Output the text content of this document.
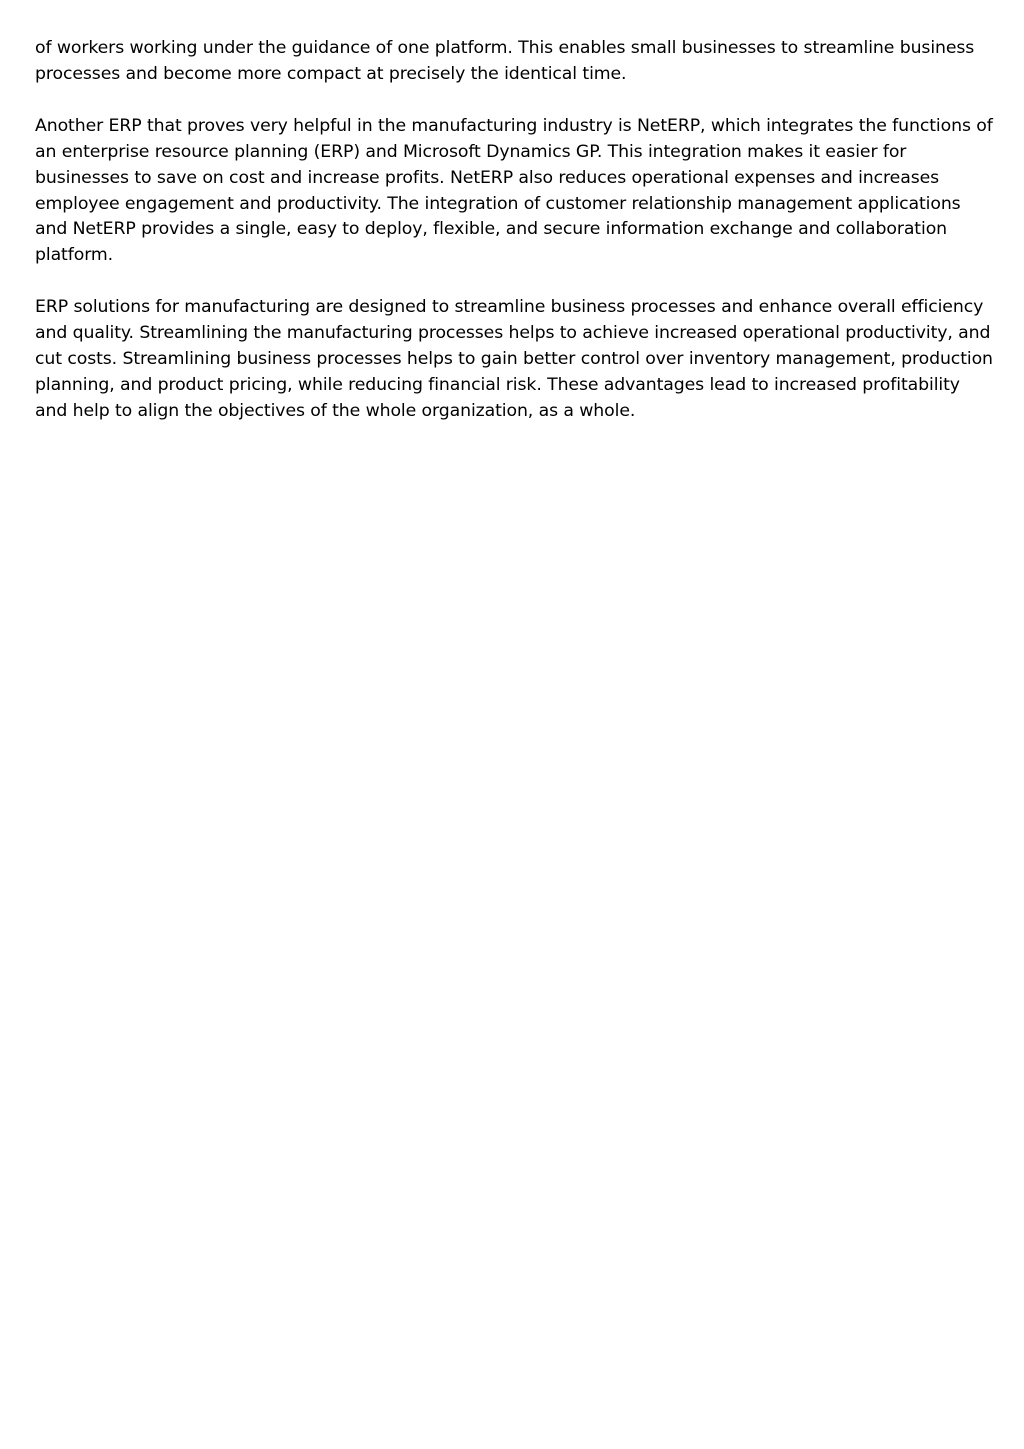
of workers working under the guidance of one platform. This enables small businesses to streamline business processes and become more compact at precisely the identical time.

Another ERP that proves very helpful in the manufacturing industry is NetERP, which integrates the functions of an enterprise resource planning (ERP) and Microsoft Dynamics GP. This integration makes it easier for businesses to save on cost and increase profits. NetERP also reduces operational expenses and increases employee engagement and productivity. The integration of customer relationship management applications and NetERP provides a single, easy to deploy, flexible, and secure information exchange and collaboration platform.

ERP solutions for manufacturing are designed to streamline business processes and enhance overall efficiency and quality. Streamlining the manufacturing processes helps to achieve increased operational productivity, and cut costs. Streamlining business processes helps to gain better control over inventory management, production planning, and product pricing, while reducing financial risk. These advantages lead to increased profitability and help to align the objectives of the whole organization, as a whole.
